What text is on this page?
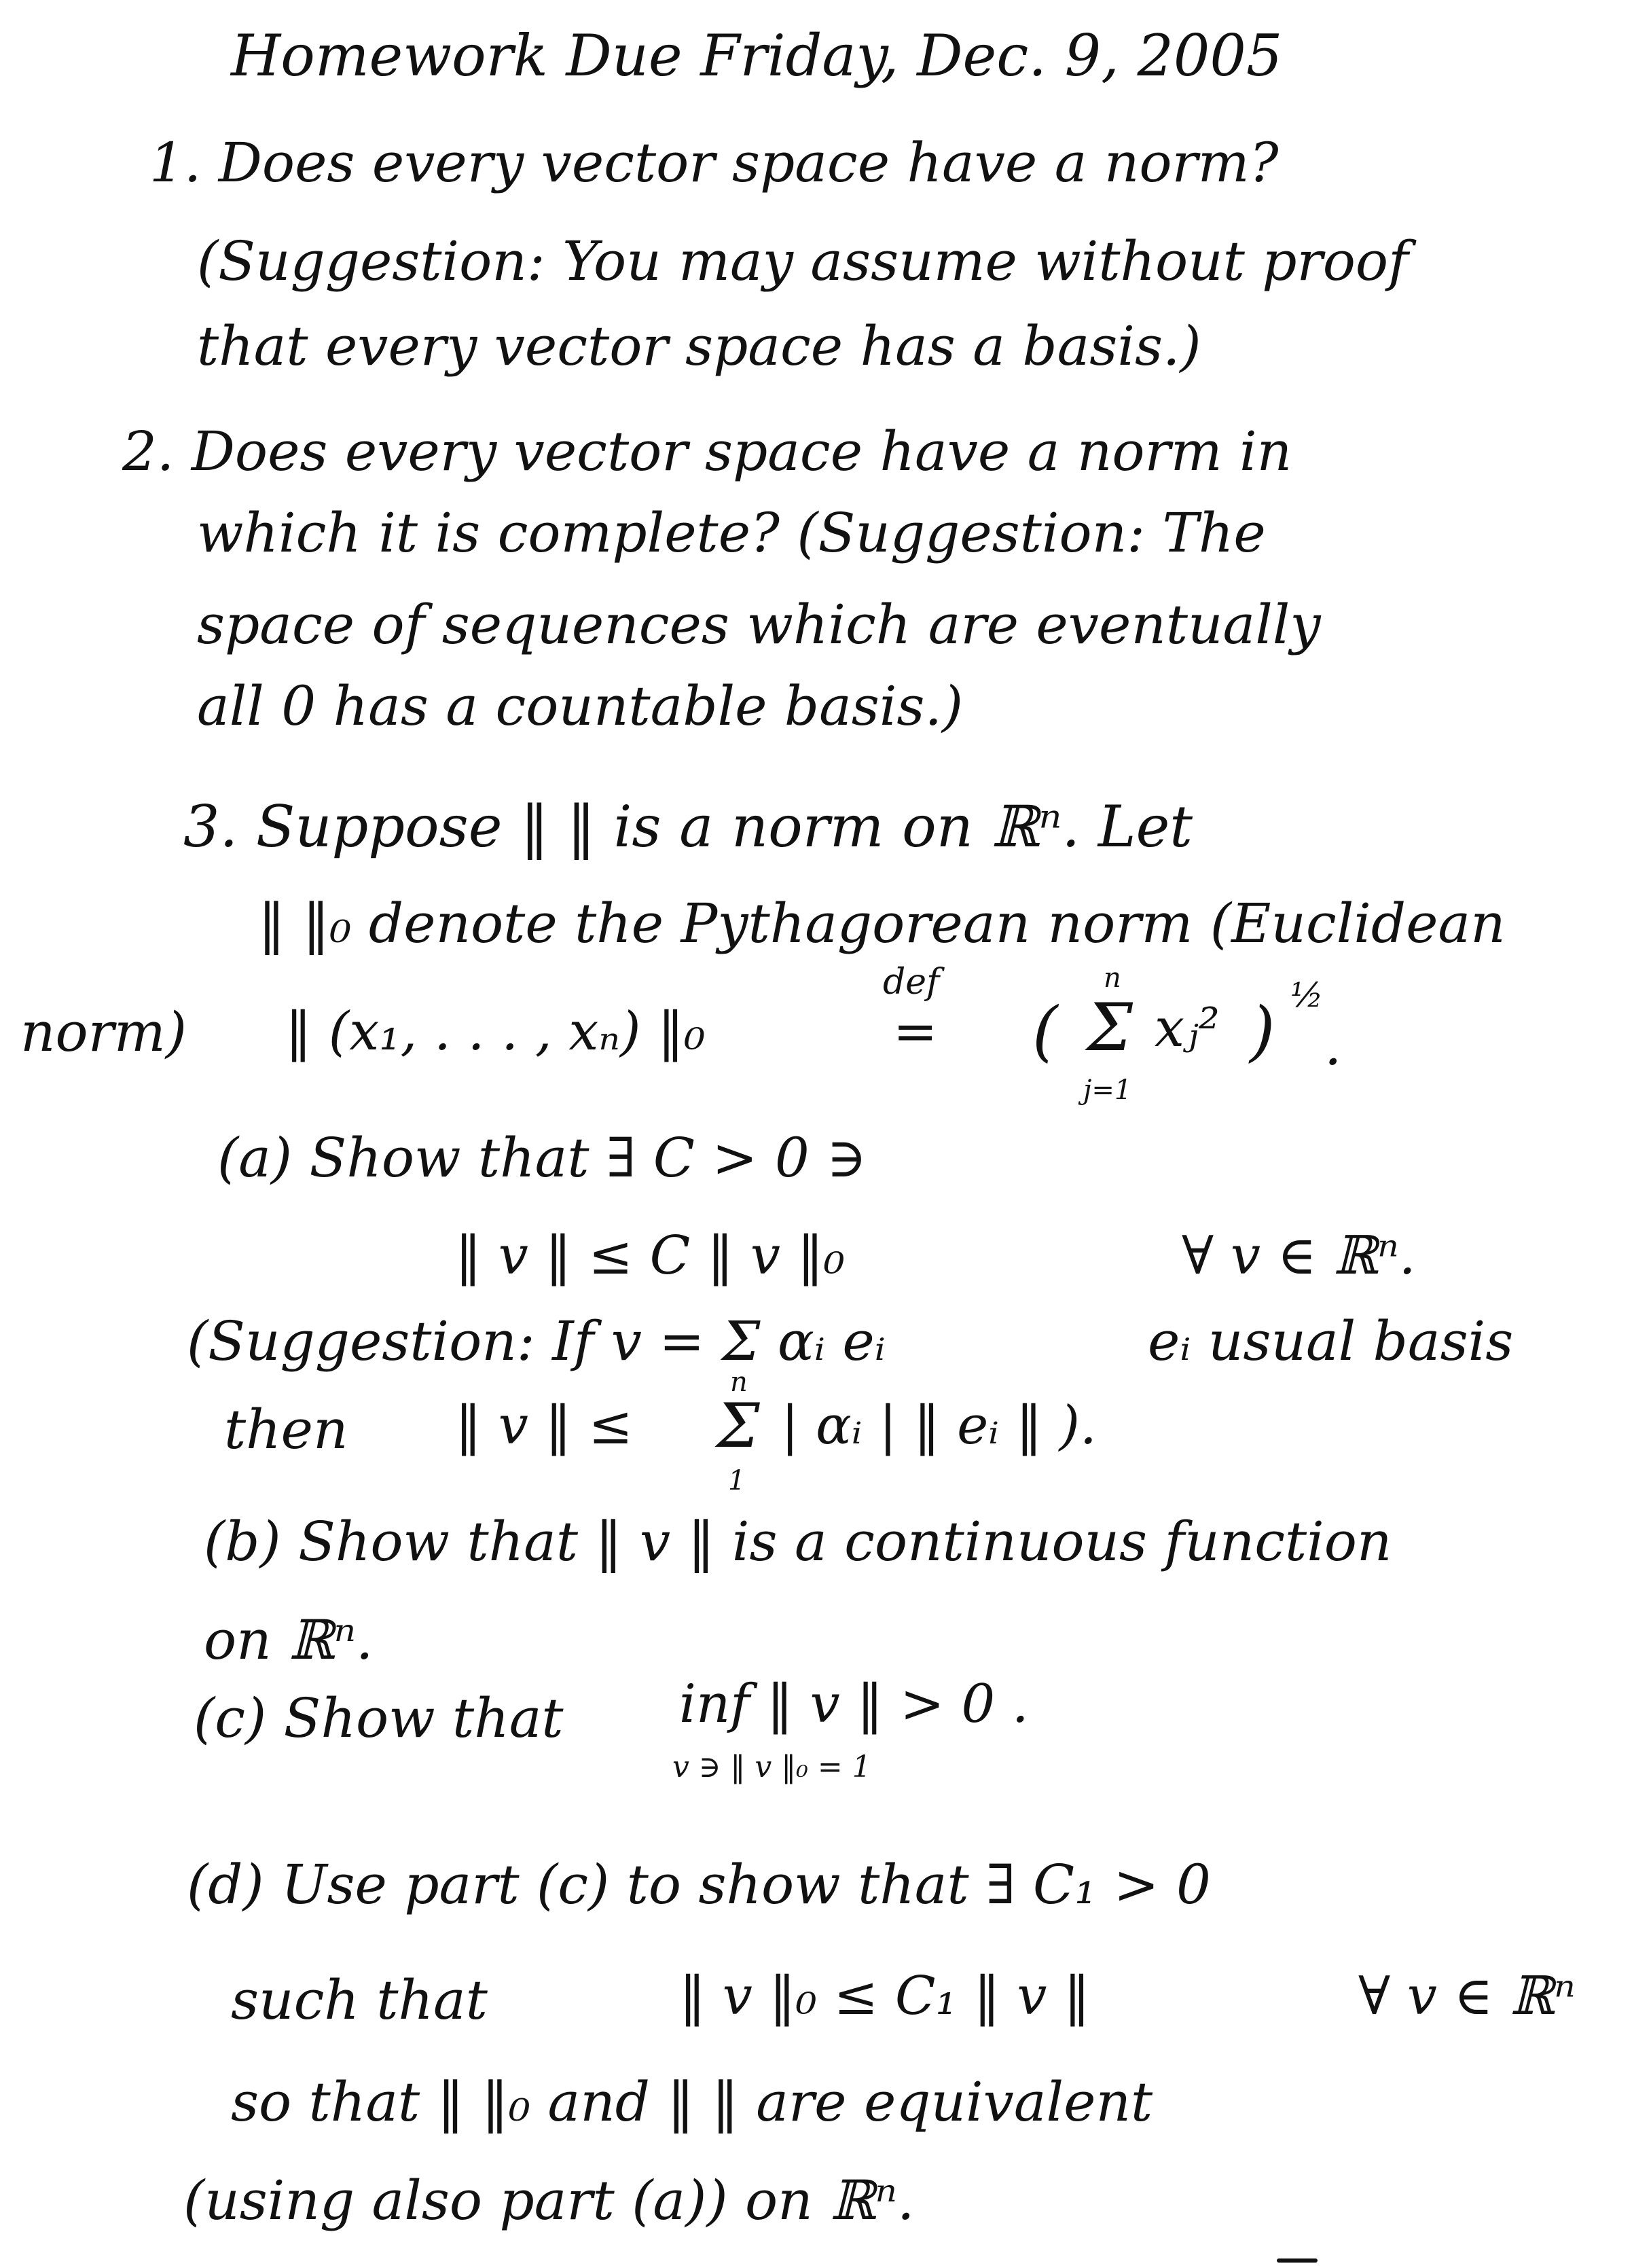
Homework Due Friday, Dec. 9, 2005
1. Does every vector space have a norm?
(Suggestion: You may assume without proof
that every vector space has a basis.)
2. Does every vector space have a norm in
which it is complete? (Suggestion: The
space of sequences which are eventually
all 0 has a countable basis.)
3. Suppose ‖ ‖ is a norm on ℝⁿ. Let
‖ ‖₀ denote the Pythagorean norm (Euclidean
norm) ‖ (x₁, . . . , xₙ) ‖₀
def
= (
n
Σ
j=1
xⱼ² ) ½
.
(a) Show that ∃ C > 0 ∋
‖ v ‖ ≤ C ‖ v ‖₀	∀ v ∈ ℝⁿ.
(Suggestion: If v = Σ αᵢ eᵢ	eᵢ usual basis
then ‖ v ‖ ≤
n
Σ
1
| αᵢ | ‖ eᵢ ‖ ).
(b) Show that ‖ v ‖ is a continuous function
on ℝⁿ.
(c) Show that inf ‖ v ‖ > 0 .
v ∋ ‖ v ‖₀ = 1
(d) Use part (c) to show that ∃ C₁ > 0
such that	‖ v ‖₀ ≤ C₁ ‖ v ‖	∀ v ∈ ℝⁿ
so that ‖ ‖₀ and ‖ ‖ are equivalent
(using also part (a)) on ℝⁿ.
